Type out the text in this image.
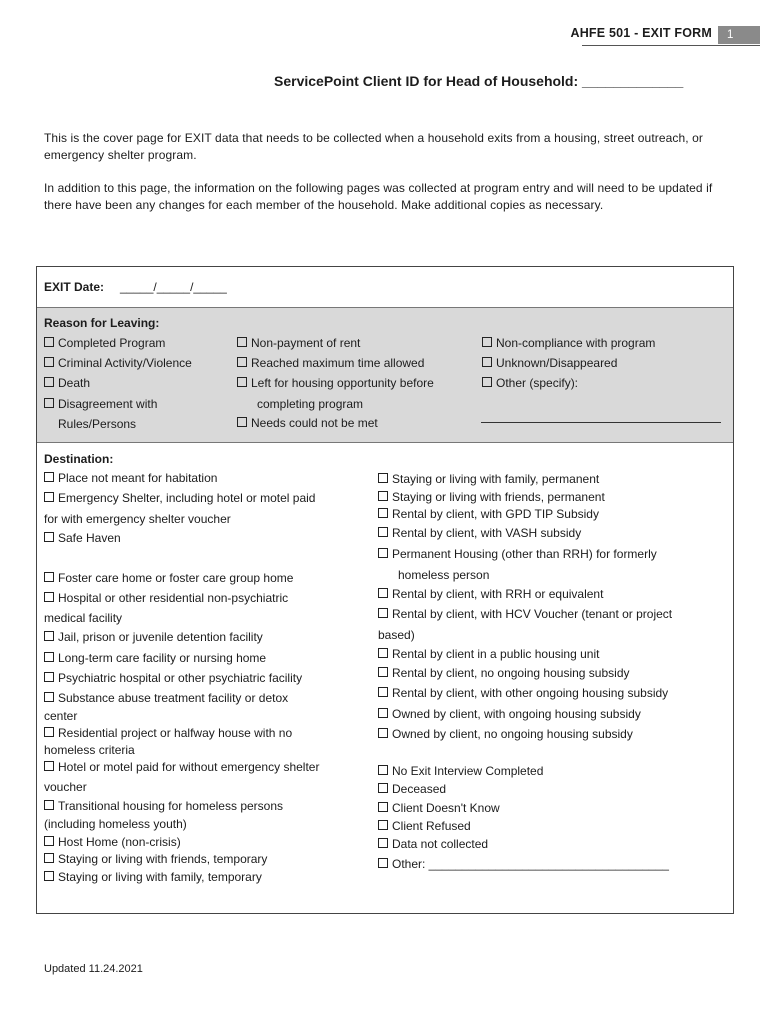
AHFE 501 - EXIT FORM	1
ServicePoint Client ID for Head of Household: _____________
This is the cover page for EXIT data that needs to be collected when a household exits from a housing, street outreach, or emergency shelter program.
In addition to this page, the information on the following pages was collected at program entry and will need to be updated if there have been any changes for each member of the household. Make additional copies as necessary.
EXIT Date: _____/_____/_____
Reason for Leaving:
Completed Program
Criminal Activity/Violence
Death
Disagreement with
Rules/Persons
Non-payment of rent
Reached maximum time allowed
Left for housing opportunity before
completing program
Needs could not be met
Non-compliance with program
Unknown/Disappeared
Other (specify):
Destination:
Place not meant for habitation
Emergency Shelter, including hotel or motel paid
for with emergency shelter voucher
Safe Haven
Foster care home or foster care group home
Hospital or other residential non-psychiatric
medical facility
Jail, prison or juvenile detention facility
Long-term care facility or nursing home
Psychiatric hospital or other psychiatric facility
Substance abuse treatment facility or detox
center
Residential project or halfway house with no
homeless criteria
Hotel or motel paid for without emergency shelter
voucher
Transitional housing for homeless persons
(including homeless youth)
Host Home (non-crisis)
Staying or living with friends, temporary
Staying or living with family, temporary
Staying or living with family, permanent
Staying or living with friends, permanent
Rental by client, with GPD TIP Subsidy
Rental by client, with VASH subsidy
Permanent Housing (other than RRH) for formerly
homeless person
Rental by client, with RRH or equivalent
Rental by client, with HCV Voucher (tenant or project
based)
Rental by client in a public housing unit
Rental by client, no ongoing housing subsidy
Rental by client, with other ongoing housing subsidy
Owned by client, with ongoing housing subsidy
Owned by client, no ongoing housing subsidy
No Exit Interview Completed
Deceased
Client Doesn't Know
Client Refused
Data not collected
Other: ____________________________________
Updated 11.24.2021
